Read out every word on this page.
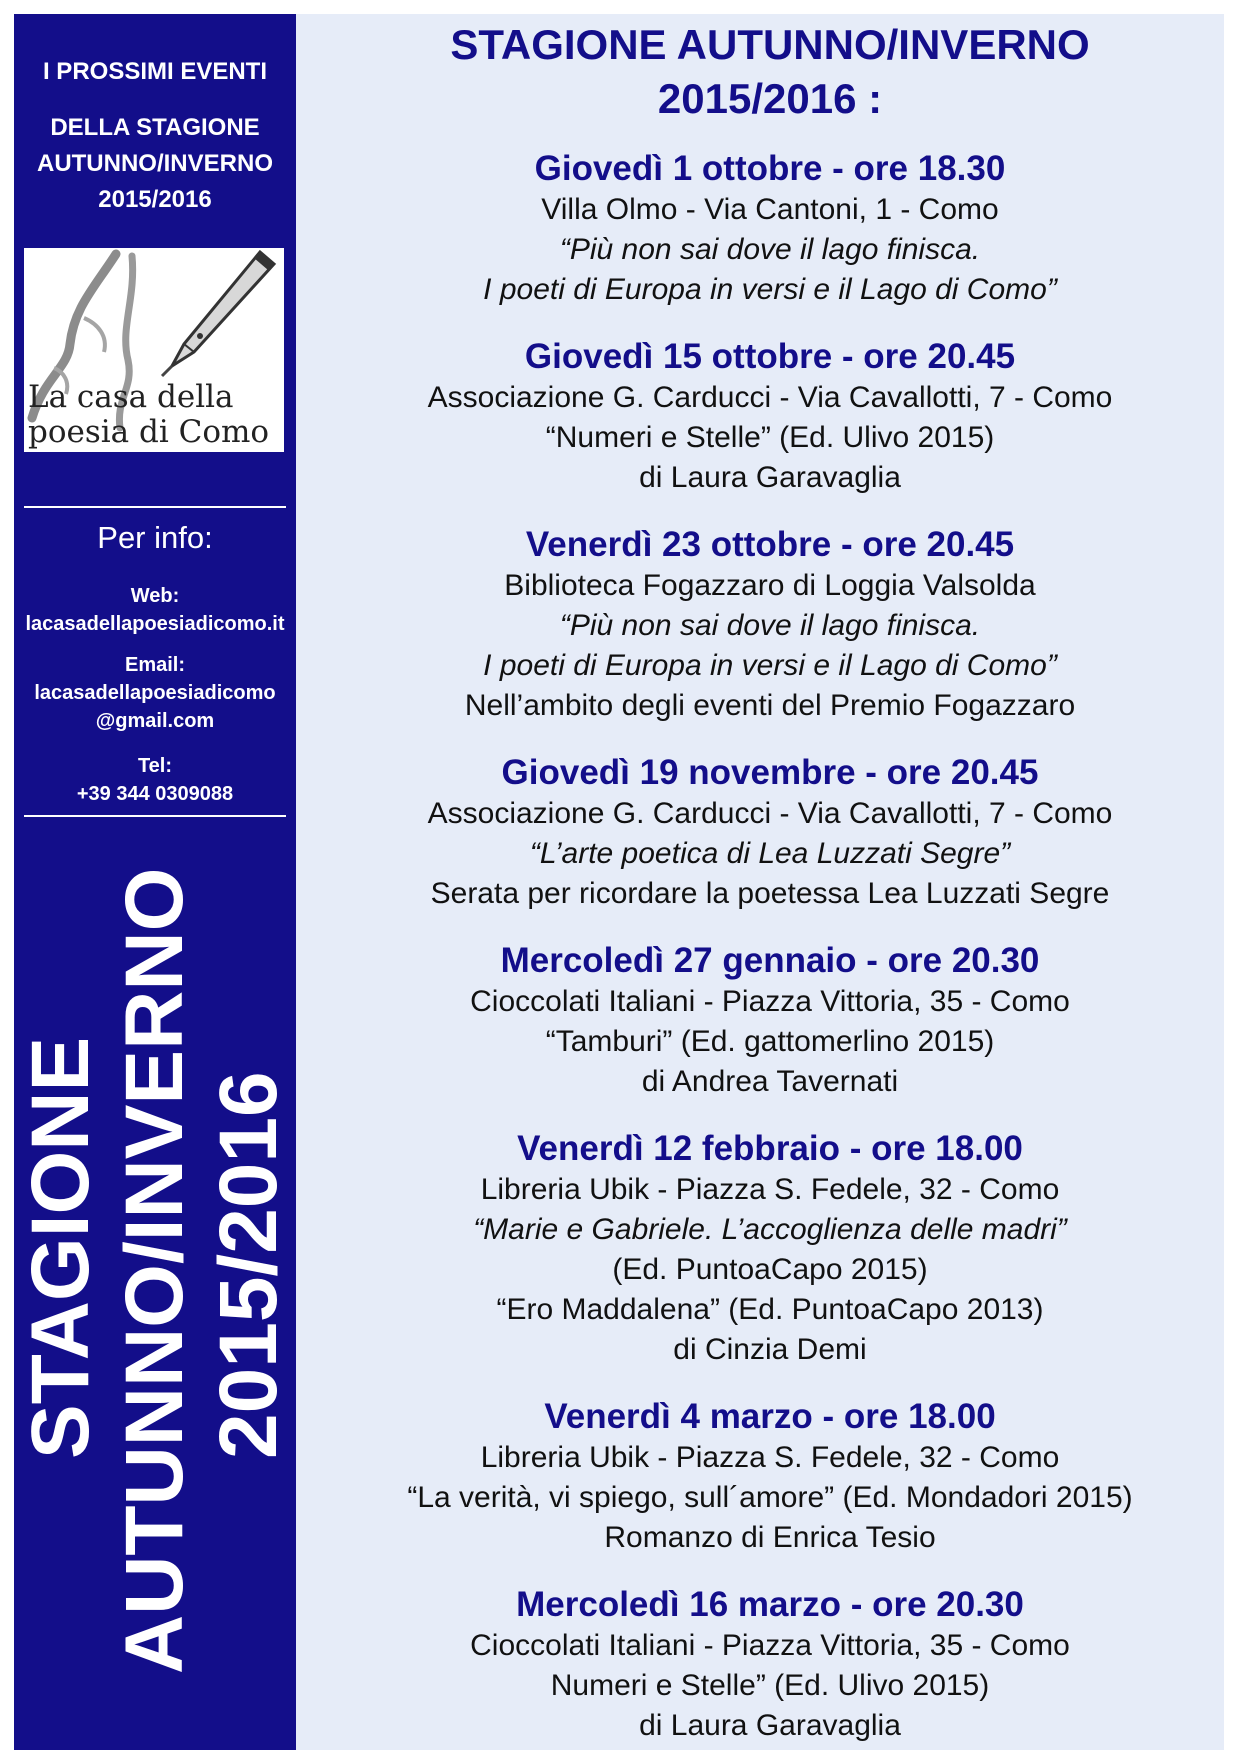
I PROSSIMI EVENTI
DELLA STAGIONE
AUTUNNO/INVERNO
2015/2016
La casa della
poesia di Como
Per info:
Web:
lacasadellapoesiadicomo.it
Email:
lacasadellapoesiadicomo
@gmail.com
Tel:
+39 344 0309088
STAGIONE AUTUNNO/INVERNO 2015/2016
STAGIONE AUTUNNO/INVERNO
2015/2016 :
Giovedì 1 ottobre - ore 18.30
Villa Olmo - Via Cantoni, 1 - Como
“Più non sai dove il lago finisca.
I poeti di Europa in versi e il Lago di Como”
Giovedì 15 ottobre - ore 20.45
Associazione G. Carducci - Via Cavallotti, 7 - Como
“Numeri e Stelle” (Ed. Ulivo 2015)
di Laura Garavaglia
Venerdì 23 ottobre - ore 20.45
Biblioteca Fogazzaro di Loggia Valsolda
“Più non sai dove il lago finisca.
I poeti di Europa in versi e il Lago di Como”
Nell’ambito degli eventi del Premio Fogazzaro
Giovedì 19 novembre - ore 20.45
Associazione G. Carducci - Via Cavallotti, 7 - Como
“L’arte poetica di Lea Luzzati Segre”
Serata per ricordare la poetessa Lea Luzzati Segre
Mercoledì 27 gennaio - ore 20.30
Cioccolati Italiani - Piazza Vittoria, 35 - Como
“Tamburi” (Ed. gattomerlino 2015)
di Andrea Tavernati
Venerdì 12 febbraio - ore 18.00
Libreria Ubik - Piazza S. Fedele, 32 - Como
“Marie e Gabriele. L’accoglienza delle madri”
(Ed. PuntoaCapo 2015)
“Ero Maddalena” (Ed. PuntoaCapo 2013)
di Cinzia Demi
Venerdì 4 marzo - ore 18.00
Libreria Ubik - Piazza S. Fedele, 32 - Como
“La verità, vi spiego, sull´amore” (Ed. Mondadori 2015)
Romanzo di Enrica Tesio
Mercoledì 16 marzo - ore 20.30
Cioccolati Italiani - Piazza Vittoria, 35 - Como
Numeri e Stelle” (Ed. Ulivo 2015)
di Laura Garavaglia
